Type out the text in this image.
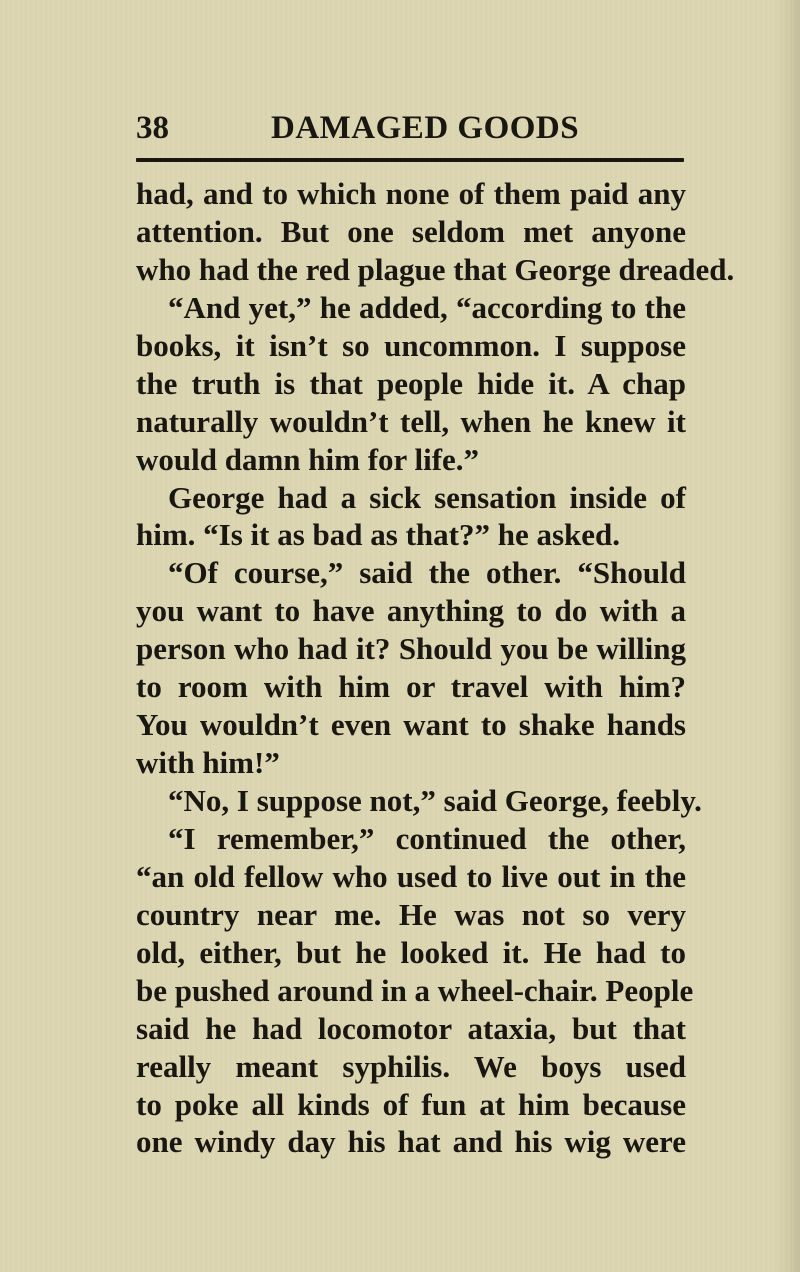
38	DAMAGED GOODS
had, and to which none of them paid any
attention. But one seldom met anyone
who had the red plague that George dreaded.
“And yet,” he added, “according to the
books, it isn’t so uncommon. I suppose
the truth is that people hide it. A chap
naturally wouldn’t tell, when he knew it
would damn him for life.”
George had a sick sensation inside of
him. “Is it as bad as that?” he asked.
“Of course,” said the other. “Should
you want to have anything to do with a
person who had it? Should you be willing
to room with him or travel with him?
You wouldn’t even want to shake hands
with him!”
“No, I suppose not,” said George, feebly.
“I remember,” continued the other,
“an old fellow who used to live out in the
country near me. He was not so very
old, either, but he looked it. He had to
be pushed around in a wheel-chair. People
said he had locomotor ataxia, but that
really meant syphilis. We boys used
to poke all kinds of fun at him because
one windy day his hat and his wig were
